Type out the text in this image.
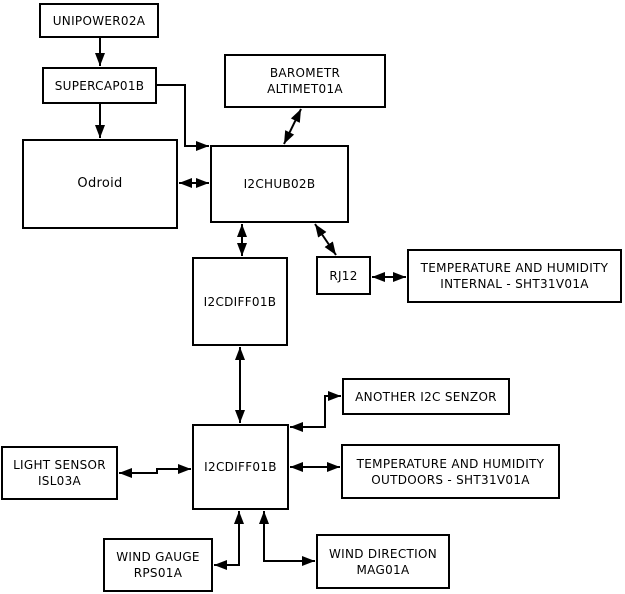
UNIPOWER02A
SUPERCAP01B
Odroid
BAROMETR
ALTIMET01A
I2CHUB02B
RJ12
TEMPERATURE AND HUMIDITY
INTERNAL - SHT31V01A
I2CDIFF01B
ANOTHER I2C SENZOR
I2CDIFF01B	TEMPERATURE AND HUMIDITY
OUTDOORS - SHT31V01A
LIGHT SENSOR
ISL03A
WIND GAUGE
RPS01A
WIND DIRECTION
MAG01A
